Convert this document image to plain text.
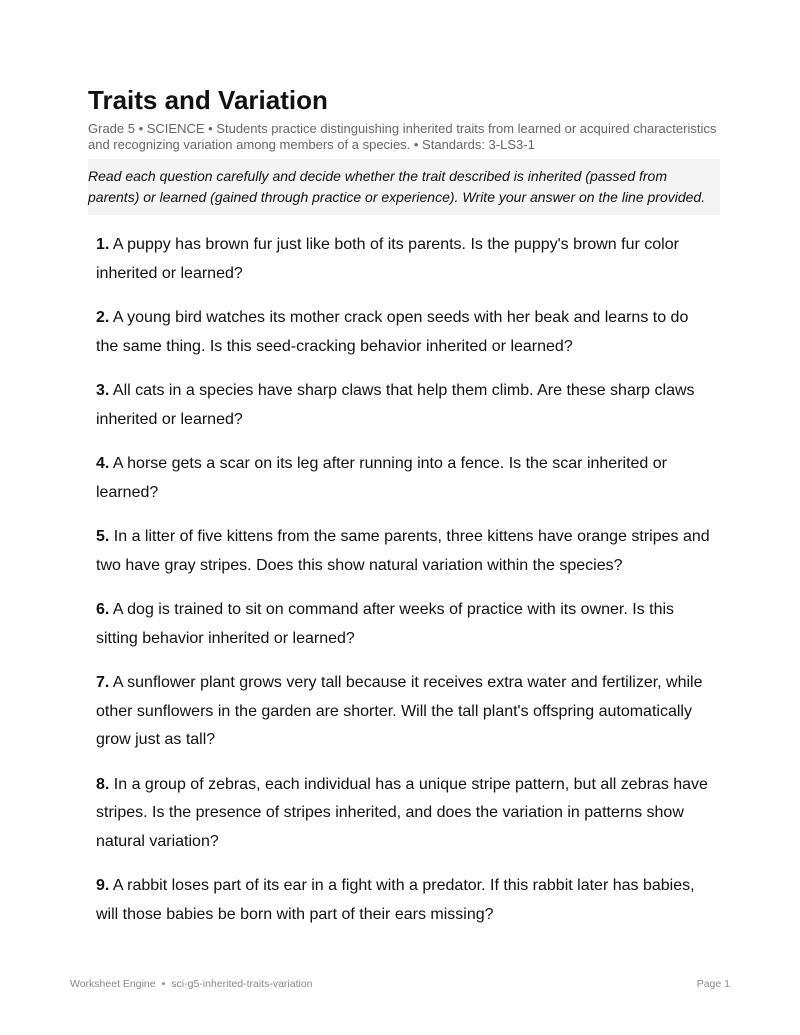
Traits and Variation
Grade 5 • SCIENCE • Students practice distinguishing inherited traits from learned or acquired characteristics and recognizing variation among members of a species. • Standards: 3-LS3-1
Read each question carefully and decide whether the trait described is inherited (passed from parents) or learned (gained through practice or experience). Write your answer on the line provided.

1. A puppy has brown fur just like both of its parents. Is the puppy's brown fur color inherited or learned?

2. A young bird watches its mother crack open seeds with her beak and learns to do the same thing. Is this seed-cracking behavior inherited or learned?

3. All cats in a species have sharp claws that help them climb. Are these sharp claws inherited or learned?

4. A horse gets a scar on its leg after running into a fence. Is the scar inherited or learned?

5. In a litter of five kittens from the same parents, three kittens have orange stripes and two have gray stripes. Does this show natural variation within the species?

6. A dog is trained to sit on command after weeks of practice with its owner. Is this sitting behavior inherited or learned?

7. A sunflower plant grows very tall because it receives extra water and fertilizer, while other sunflowers in the garden are shorter. Will the tall plant's offspring automatically grow just as tall?

8. In a group of zebras, each individual has a unique stripe pattern, but all zebras have stripes. Is the presence of stripes inherited, and does the variation in patterns show natural variation?

9. A rabbit loses part of its ear in a fight with a predator. If this rabbit later has babies, will those babies be born with part of their ears missing?

Worksheet Engine • sci-g5-inherited-traits-variation	Page 1
